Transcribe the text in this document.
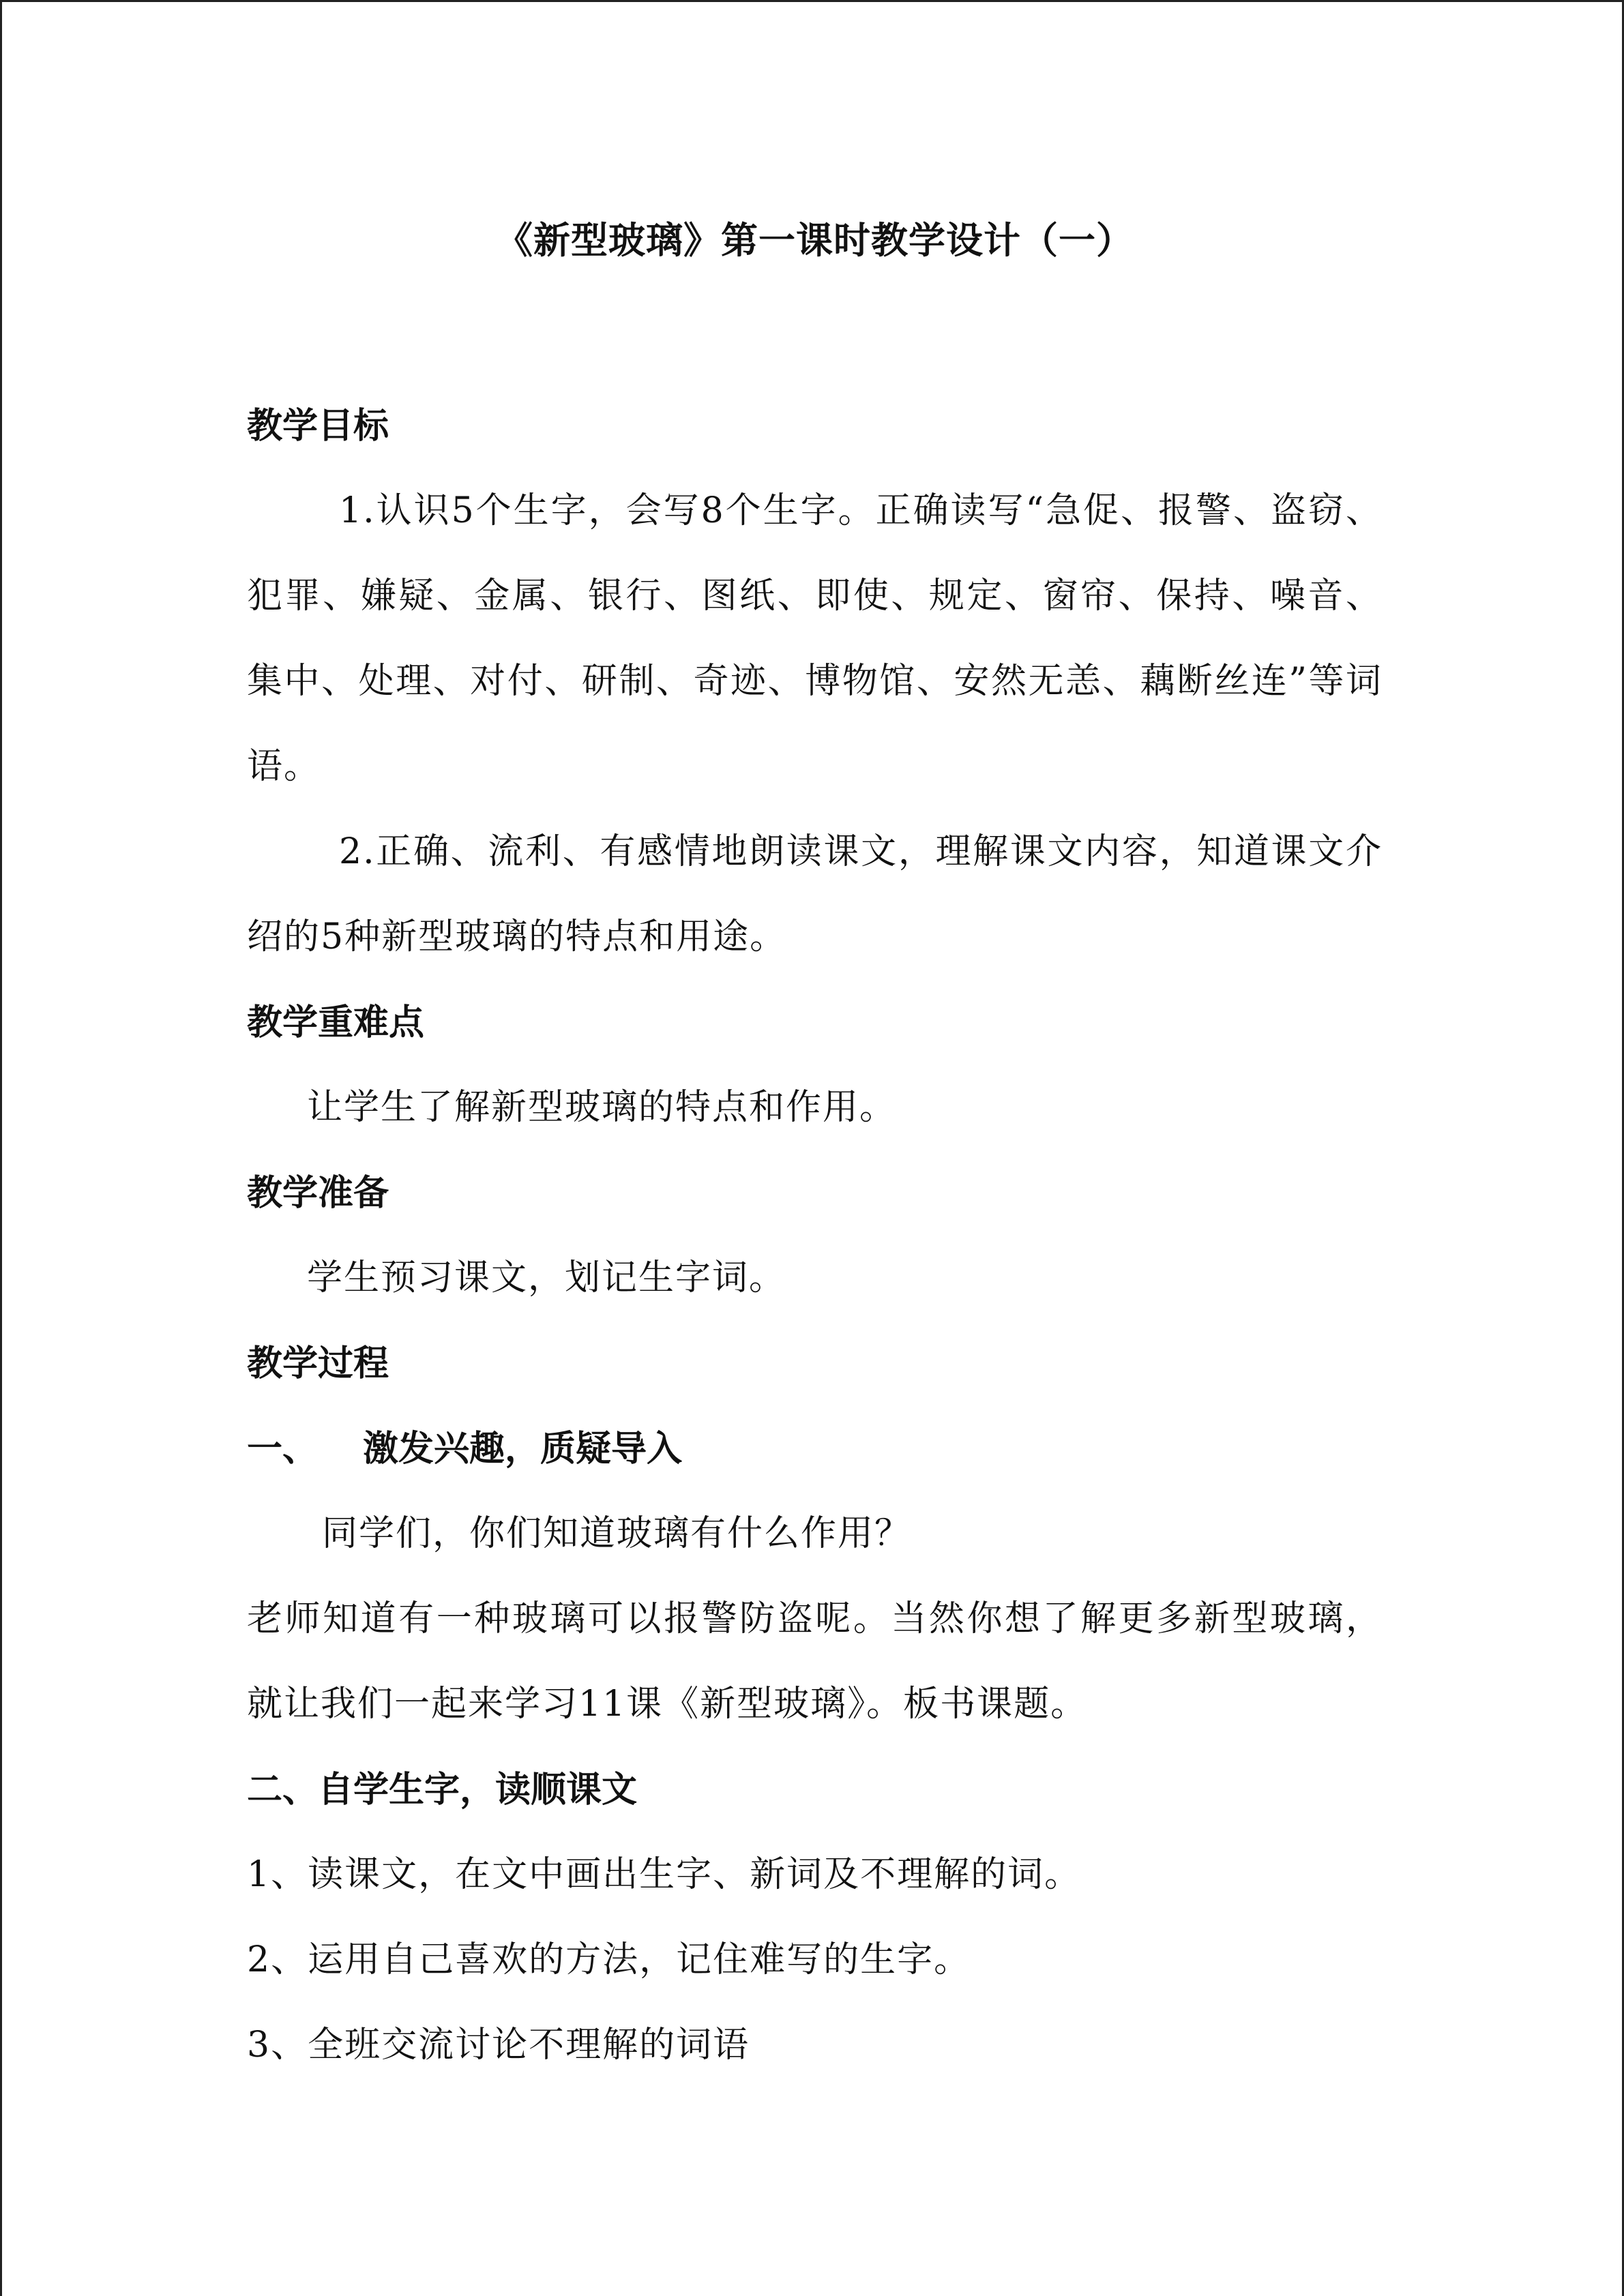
《新型玻璃》第一课时教学设计（一）
教学目标

1.认识5个生字，会写8个生字。正确读写“急促、报警、盗窃、犯罪、嫌疑、金属、银行、图纸、即使、规定、窗帘、保持、噪音、集中、处理、对付、研制、奇迹、博物馆、安然无恙、藕断丝连”等词语。

2.正确、流利、有感情地朗读课文，理解课文内容，知道课文介绍的5种新型玻璃的特点和用途。

教学重难点

让学生了解新型玻璃的特点和作用。

教学准备

学生预习课文，划记生字词。

教学过程
一、	激发兴趣，质疑导入

同学们，你们知道玻璃有什么作用？

老师知道有一种玻璃可以报警防盗呢。当然你想了解更多新型玻璃，就让我们一起来学习11课《新型玻璃》。板书课题。

二、自学生字，读顺课文

1、读课文，在文中画出生字、新词及不理解的词。

2、运用自己喜欢的方法，记住难写的生字。

3、全班交流讨论不理解的词语
